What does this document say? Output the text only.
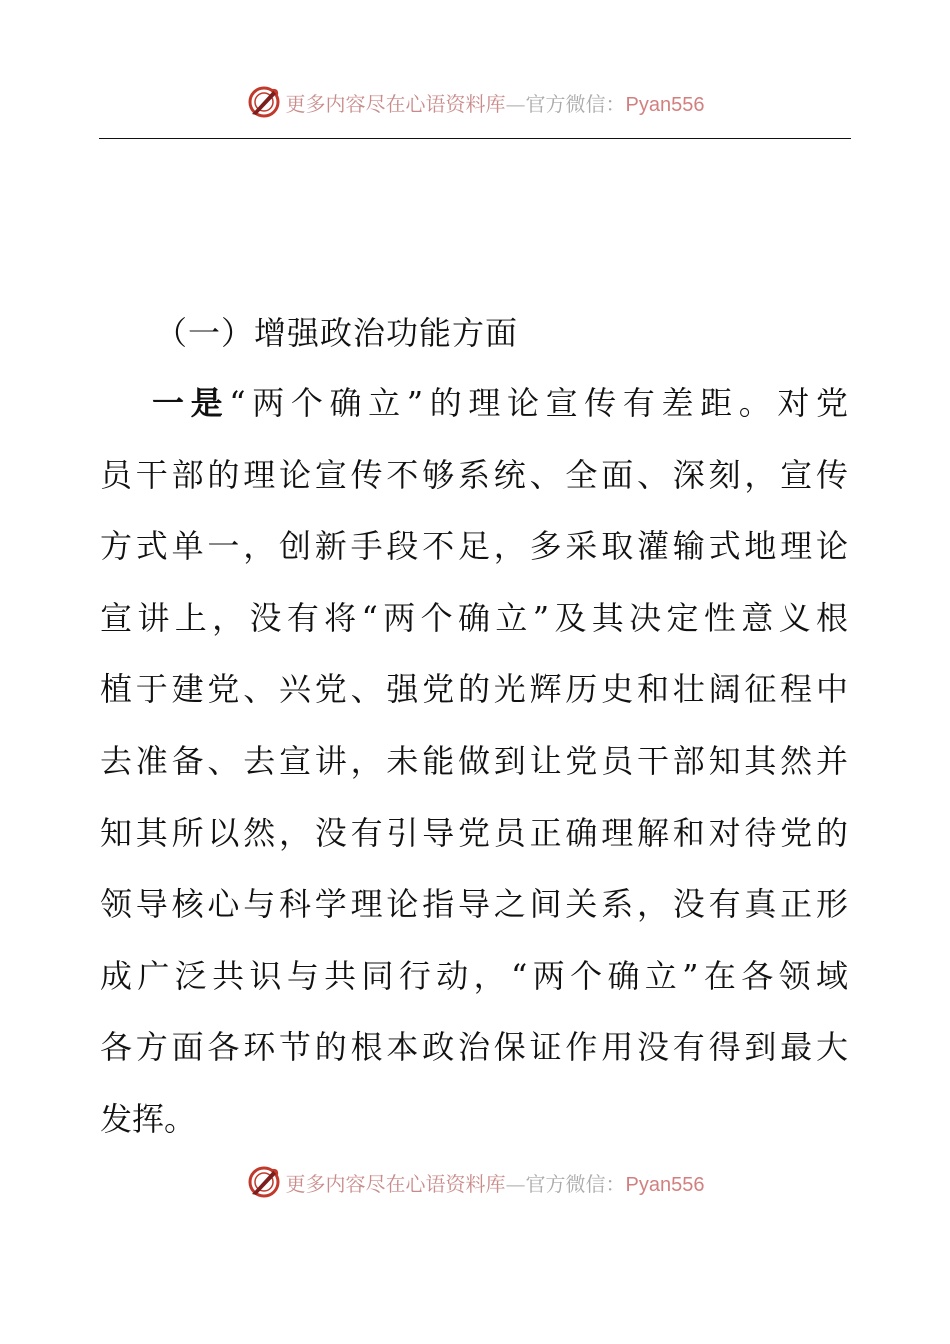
更多内容尽在心语资料库—官方微信：Pyan556
（一）增强政治功能方面
一是“两个确立”的理论宣传有差距。对党
员干部的理论宣传不够系统、全面、深刻，宣传
方式单一，创新手段不足，多采取灌输式地理论
宣讲上，没有将“两个确立”及其决定性意义根
植于建党、兴党、强党的光辉历史和壮阔征程中
去准备、去宣讲，未能做到让党员干部知其然并
知其所以然，没有引导党员正确理解和对待党的
领导核心与科学理论指导之间关系，没有真正形
成广泛共识与共同行动，“两个确立”在各领域
各方面各环节的根本政治保证作用没有得到最大
发挥。
更多内容尽在心语资料库—官方微信：Pyan556
